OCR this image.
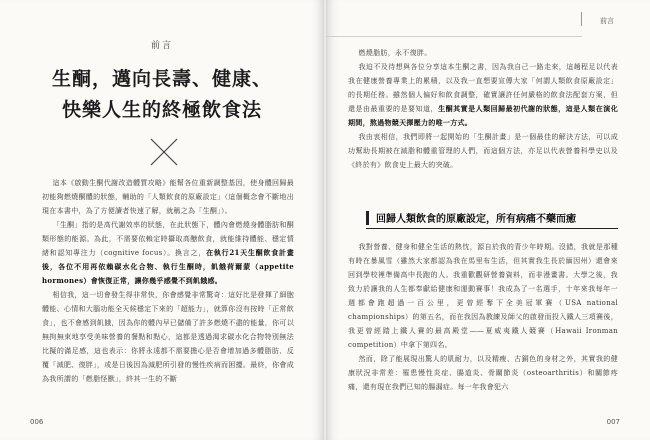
前言
生酮，邁向長壽、健康、
快樂人生的終極飲食法

這本《啟動生酮代謝改造體質攻略》能幫各位重新調整基因，使身體回歸最初能夠燃燒酮體的狀態，輔助的「人類飲食的原廠設定」（這個概念會不斷地出現在本書中，為了方便讀者快速了解，就稱之為「生酮」）。

「生酮」指的是高代謝效率的狀態，在此狀態下，體內會燃燒身體脂肪和酮類形態的能源。為此，不需要依賴定時攝取高醣飲食，就能維持體能、穩定情緒和認知專注力（cognitive focus）。換言之，在執行21天生酮飲食計畫後，各位不用再依賴碳水化合物、執行生酮時，飢餓荷爾蒙（appetite hormones）會恢復正常，讓你幾乎感覺不到飢餓感。

相信我，這一切會發生得非常快，你會感覺非常驚奇：這好比是發揮了細胞體能、心情和大腦功能全天候穩定下來的「超能力」，就算你沒有按時「正常飲食」，也不會感到飢餓，因為你的體內早已儲備了許多燃燒不盡的能量，你可以無拘無束地享受美味營養的餐點和點心，這都是透過渴求碳水化合物特別無法比擬的滿足感，這也表示：你將永遠都不需要擔心是否會增加過多體脂肪、反覆「減肥、復胖」，或是日後因為減肥所引發的慢性疾病而困擾。最終，你會成為我所謂的「燃脂怪獸」，終其一生的不斷

006
前言

燃燒脂肪，永不復胖。

我迫不及待想與各位分享這本生酮之書，因為我自己一路走來，這趟程足以代表我在健康營養專業上的累積，以及我一直想要宣傳大家「何謂人類飲食原廠設定」的長期任務。雖然個人偏好和飲食調整，確實讓許任何嚴格的飲食法配套方案，但還是由最重要的是要知道，生酮其實是人類回歸最初代謝的狀態，這是人類在演化期間，熬過物競天擇壓力的唯一方式。

我由衷相信，我們即將一起開始的「生酮計畫」是一個最佳的解決方法，可以成功幫助長期被在減脂和體重管理的人們，而這個方法，亦足以代表營養科學史以及《終於有》飲食史上最大的突破。

回歸人類飲食的原廠設定，所有病痛不藥而癒

我對營養、健身和健全生活的熱忱，源自於我的青少年時期。沒錯，我就是那種有時在暴風雪（雖然大家都認為我在馬里布生活，但其實我生長於緬因州）還會來回到學校裡準備高中長跑的人。我重歡觀研營養資料，而非漫畫書。大學之後，我致力於讓我的人生都奉獻給健康和運動賽事！我成為了一名選手，十年來我每年一週都會跑超過一百公里，更曾經奪下全美冠軍賽（USA national championships）的第五名，而在我因為教練及師父的啟發而投入鐵人三項賽後，我更曾經踏上鐵人賽的最高殿堂——夏威夷鐵人競賽（Hawaii Ironman competition）中拿下第四名。

然而，除了能展現出驚人的肌耐力，以及精瘦、古銅色的身材之外，其實我的健康狀況非常差：罹患慢性炎症、腸道炎、骨關節炎（osteoarthritis）和關節疼痛，還有現在我們已知的腸漏症。每一年我會犯六

007
